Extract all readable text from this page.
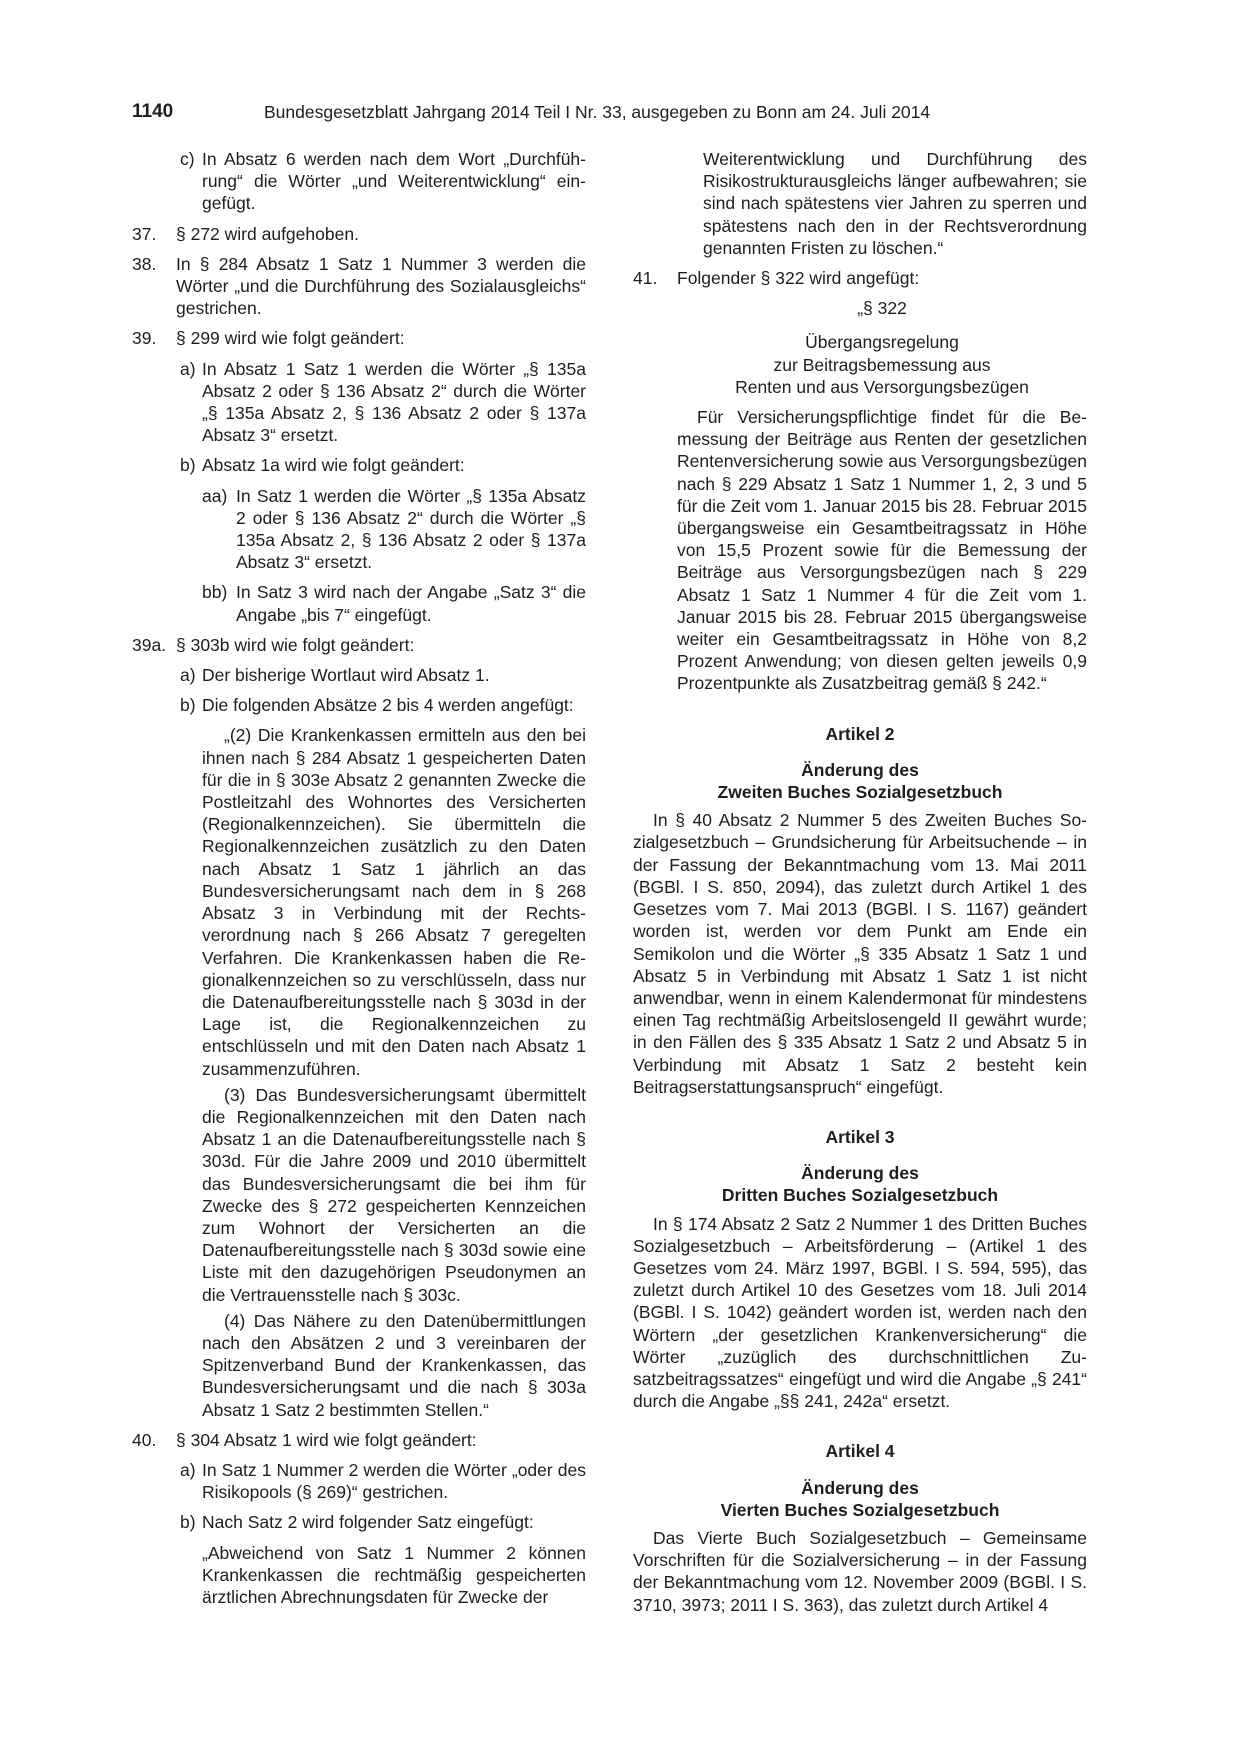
1140	Bundesgesetzblatt Jahrgang 2014 Teil I Nr. 33, ausgegeben zu Bonn am 24. Juli 2014
c) In Absatz 6 werden nach dem Wort „Durchführung“ die Wörter „und Weiterentwicklung“ eingefügt.

37. § 272 wird aufgehoben.

38. In § 284 Absatz 1 Satz 1 Nummer 3 werden die Wörter „und die Durchführung des Sozialausgleichs“ gestrichen.

39. § 299 wird wie folgt geändert:

a) In Absatz 1 Satz 1 werden die Wörter „§ 135a Absatz 2 oder § 136 Absatz 2“ durch die Wörter „§ 135a Absatz 2, § 136 Absatz 2 oder § 137a Absatz 3“ ersetzt.

b) Absatz 1a wird wie folgt geändert:

aa) In Satz 1 werden die Wörter „§ 135a Absatz 2 oder § 136 Absatz 2“ durch die Wörter „§ 135a Absatz 2, § 136 Absatz 2 oder § 137a Absatz 3“ ersetzt.

bb) In Satz 3 wird nach der Angabe „Satz 3“ die Angabe „bis 7“ eingefügt.

39a. § 303b wird wie folgt geändert:

a) Der bisherige Wortlaut wird Absatz 1.

b) Die folgenden Absätze 2 bis 4 werden angefügt:

„(2) Die Krankenkassen ermitteln aus den bei ihnen nach § 284 Absatz 1 gespeicherten Daten für die in § 303e Absatz 2 genannten Zwecke die Postleitzahl des Wohnortes des Versicherten (Regionalkennzeichen). Sie übermitteln die Regionalkennzeichen zusätzlich zu den Daten nach Absatz 1 Satz 1 jährlich an das Bundesversicherungsamt nach dem in § 268 Absatz 3 in Verbindung mit der Rechtsverordnung nach § 266 Absatz 7 geregelten Verfahren. Die Krankenkassen haben die Regionalkennzeichen so zu verschlüsseln, dass nur die Datenaufbereitungsstelle nach § 303d in der Lage ist, die Regionalkennzeichen zu entschlüsseln und mit den Daten nach Absatz 1 zusammenzuführen.

(3) Das Bundesversicherungsamt übermittelt die Regionalkennzeichen mit den Daten nach Absatz 1 an die Datenaufbereitungsstelle nach § 303d. Für die Jahre 2009 und 2010 übermittelt das Bundesversicherungsamt die bei ihm für Zwecke des § 272 gespeicherten Kennzeichen zum Wohnort der Versicherten an die Datenaufbereitungsstelle nach § 303d sowie eine Liste mit den dazugehörigen Pseudonymen an die Vertrauensstelle nach § 303c.

(4) Das Nähere zu den Datenübermittlungen nach den Absätzen 2 und 3 vereinbaren der Spitzenverband Bund der Krankenkassen, das Bundesversicherungsamt und die nach § 303a Absatz 1 Satz 2 bestimmten Stellen.“

40. § 304 Absatz 1 wird wie folgt geändert:

a) In Satz 1 Nummer 2 werden die Wörter „oder des Risikopools (§ 269)“ gestrichen.

b) Nach Satz 2 wird folgender Satz eingefügt:

„Abweichend von Satz 1 Nummer 2 können Krankenkassen die rechtmäßig gespeicherten ärztlichen Abrechnungsdaten für Zwecke der

Weiterentwicklung und Durchführung des Risikostrukturausgleichs länger aufbewahren; sie sind nach spätestens vier Jahren zu sperren und spätestens nach den in der Rechtsverordnung genannten Fristen zu löschen.“

41. Folgender § 322 wird angefügt:

„§ 322

Übergangsregelung

zur Beitragsbemessung aus

Renten und aus Versorgungsbezügen

Für Versicherungspflichtige findet für die Bemessung der Beiträge aus Renten der gesetzlichen Rentenversicherung sowie aus Versorgungsbezügen nach § 229 Absatz 1 Satz 1 Nummer 1, 2, 3 und 5 für die Zeit vom 1. Januar 2015 bis 28. Februar 2015 übergangsweise ein Gesamtbeitragssatz in Höhe von 15,5 Prozent sowie für die Bemessung der Beiträge aus Versorgungsbezügen nach § 229 Absatz 1 Satz 1 Nummer 4 für die Zeit vom 1. Januar 2015 bis 28. Februar 2015 übergangsweise weiter ein Gesamtbeitragssatz in Höhe von 8,2 Prozent Anwendung; von diesen gelten jeweils 0,9 Prozentpunkte als Zusatzbeitrag gemäß § 242.“

Artikel 2

Änderung des

Zweiten Buches Sozialgesetzbuch

In § 40 Absatz 2 Nummer 5 des Zweiten Buches Sozialgesetzbuch – Grundsicherung für Arbeitsuchende – in der Fassung der Bekanntmachung vom 13. Mai 2011 (BGBl. I S. 850, 2094), das zuletzt durch Artikel 1 des Gesetzes vom 7. Mai 2013 (BGBl. I S. 1167) geändert worden ist, werden vor dem Punkt am Ende ein Semikolon und die Wörter „§ 335 Absatz 1 Satz 1 und Absatz 5 in Verbindung mit Absatz 1 Satz 1 ist nicht anwendbar, wenn in einem Kalendermonat für mindestens einen Tag rechtmäßig Arbeitslosengeld II gewährt wurde; in den Fällen des § 335 Absatz 1 Satz 2 und Absatz 5 in Verbindung mit Absatz 1 Satz 2 besteht kein Beitragserstattungsanspruch“ eingefügt.

Artikel 3

Änderung des

Dritten Buches Sozialgesetzbuch

In § 174 Absatz 2 Satz 2 Nummer 1 des Dritten Buches Sozialgesetzbuch – Arbeitsförderung – (Artikel 1 des Gesetzes vom 24. März 1997, BGBl. I S. 594, 595), das zuletzt durch Artikel 10 des Gesetzes vom 18. Juli 2014 (BGBl. I S. 1042) geändert worden ist, werden nach den Wörtern „der gesetzlichen Krankenversicherung“ die Wörter „zuzüglich des durchschnittlichen Zusatzbeitragssatzes“ eingefügt und wird die Angabe „§ 241“ durch die Angabe „§§ 241, 242a“ ersetzt.

Artikel 4

Änderung des

Vierten Buches Sozialgesetzbuch

Das Vierte Buch Sozialgesetzbuch – Gemeinsame Vorschriften für die Sozialversicherung – in der Fassung der Bekanntmachung vom 12. November 2009 (BGBl. I S. 3710, 3973; 2011 I S. 363), das zuletzt durch Artikel 4
